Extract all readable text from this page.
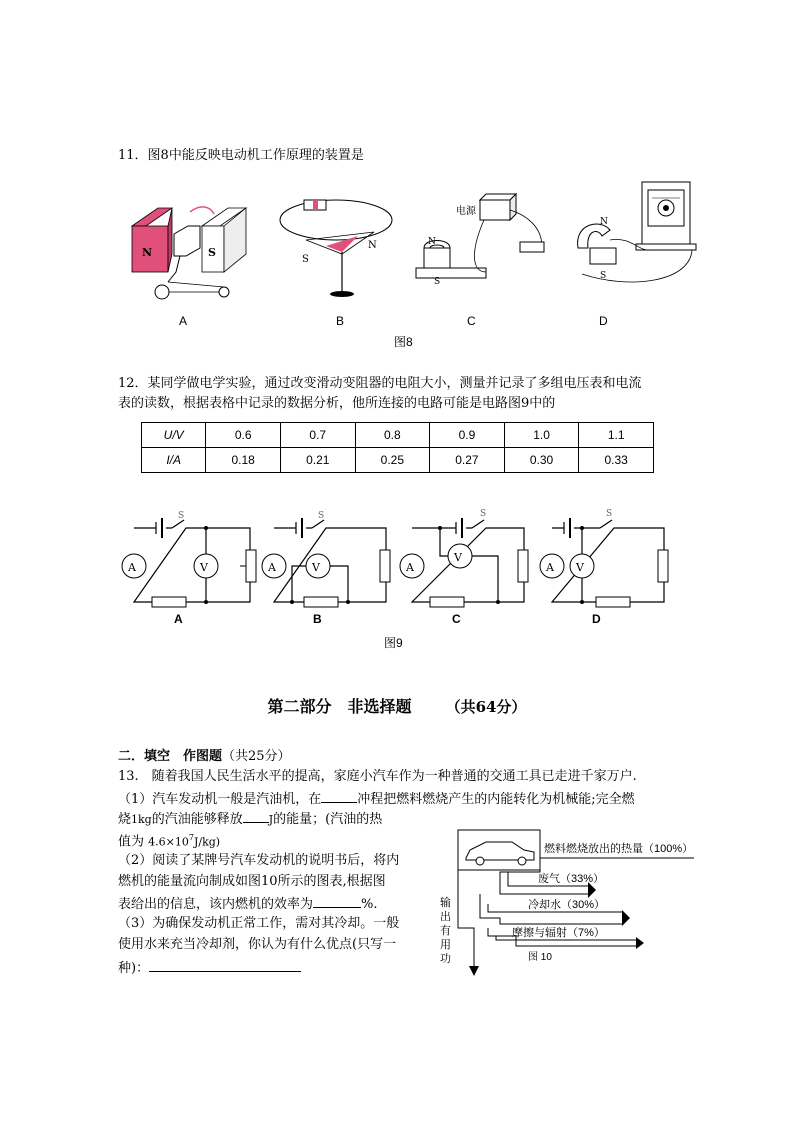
11．图8中能反映电动机工作原理的装置是
N	S
S
N
电源
N
S
N
S
A	B	C	D
图8
12．某同学做电学实验，通过改变滑动变阻器的电阻大小，测量并记录了多组电压表和电流
表的读数，根据表格中记录的数据分析，他所连接的电路可能是电路图9中的
U/V	0.6	0.7	0.8	0.9	1.0	1.1
I/A	0.18	0.21	0.25	0.27	0.30	0.33
A	V
S
A	V
S
A
V
S
A V
S
A	B	C	D
图9
第二部分　非选择题 （共64分）
二．填空　作图题（共25分）
13.　随着我国人民生活水平的提高，家庭小汽车作为一种普通的交通工具已走进千家万户.
（1）汽车发动机一般是汽油机，在	冲程把燃料燃烧产生的内能转化为机械能;完全燃
烧1kg的汽油能够释放 J的能量；(汽油的热
值为 $4.6\times 10^7J/kg$)
（2）阅读了某牌号汽车发动机的说明书后，将内
燃机的能量流向制成如图10所示的图表,根据图
表给出的信息，该内燃机的效率为	%.
（3）为确保发动机正常工作，需对其冷却。一般
使用水来充当冷却剂，你认为有什么优点(只写一
种)：
燃料燃烧放出的热量（100%）
废气（33%）
冷却水（30%）
摩擦与辐射（7%）
输
出
有
用
功	图 10
